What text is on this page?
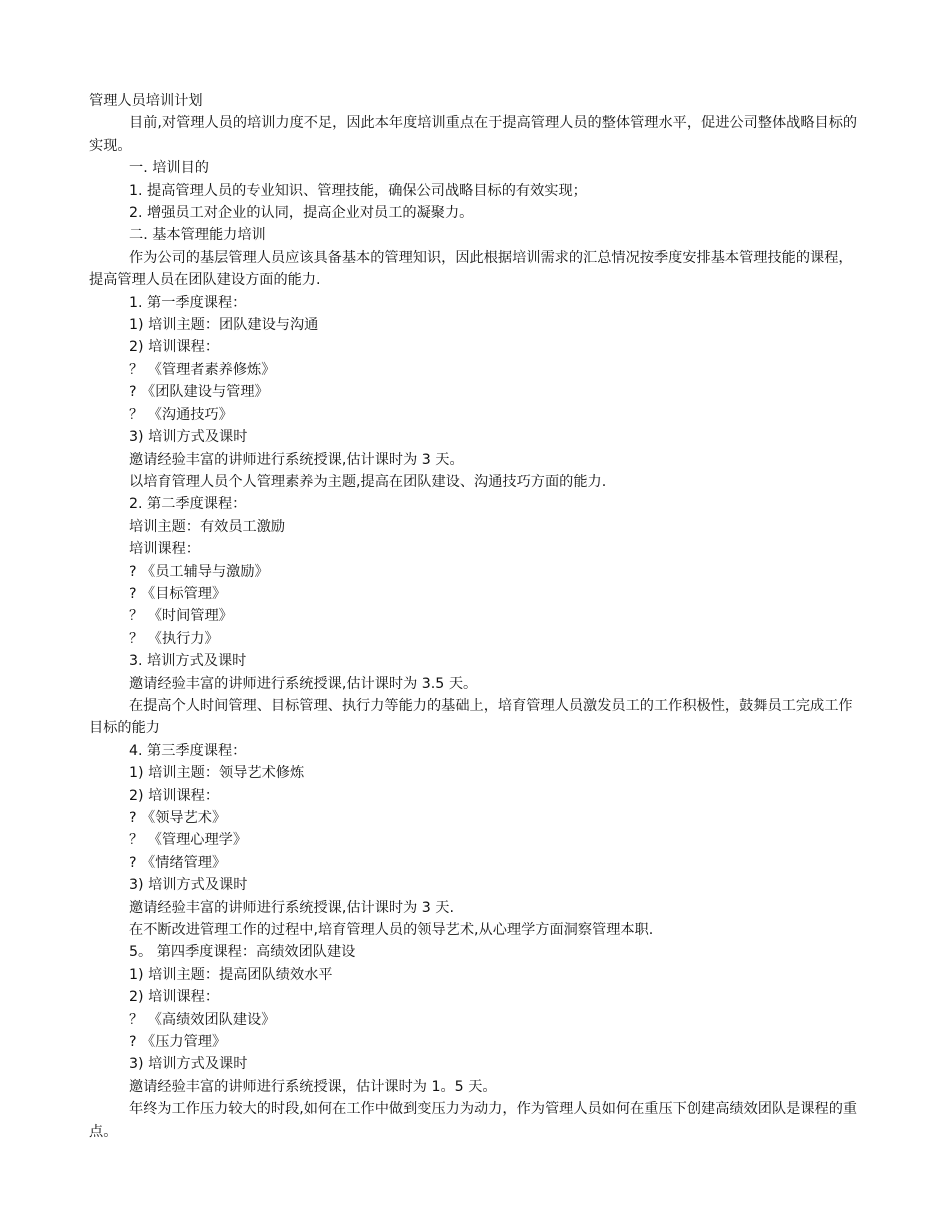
管理人员培训计划
目前,对管理人员的培训力度不足，因此本年度培训重点在于提高管理人员的整体管理水平，促进公司整体战略目标的实现。
一. 培训目的
1. 提高管理人员的专业知识、管理技能，确保公司战略目标的有效实现；
2. 增强员工对企业的认同，提高企业对员工的凝聚力。
二. 基本管理能力培训
作为公司的基层管理人员应该具备基本的管理知识，因此根据培训需求的汇总情况按季度安排基本管理技能的课程，提高管理人员在团队建设方面的能力.
1. 第一季度课程：
1) 培训主题：团队建设与沟通
2) 培训课程：
？ 《管理者素养修炼》
? 《团队建设与管理》
？ 《沟通技巧》
3) 培训方式及课时
邀请经验丰富的讲师进行系统授课,估计课时为 3 天。
以培育管理人员个人管理素养为主题,提高在团队建设、沟通技巧方面的能力.
2. 第二季度课程：
培训主题：有效员工激励
培训课程：
? 《员工辅导与激励》
? 《目标管理》
？ 《时间管理》
？ 《执行力》
3. 培训方式及课时
邀请经验丰富的讲师进行系统授课,估计课时为 3.5 天。
在提高个人时间管理、目标管理、执行力等能力的基础上，培育管理人员激发员工的工作积极性，鼓舞员工完成工作目标的能力
4. 第三季度课程：
1) 培训主题：领导艺术修炼
2) 培训课程：
? 《领导艺术》
？ 《管理心理学》
? 《情绪管理》
3) 培训方式及课时
邀请经验丰富的讲师进行系统授课,估计课时为 3 天.
在不断改进管理工作的过程中,培育管理人员的领导艺术,从心理学方面洞察管理本职.
5。 第四季度课程：高绩效团队建设
1) 培训主题：提高团队绩效水平
2) 培训课程：
？ 《高绩效团队建设》
? 《压力管理》
3) 培训方式及课时
邀请经验丰富的讲师进行系统授课，估计课时为 1。5 天。
年终为工作压力较大的时段,如何在工作中做到变压力为动力，作为管理人员如何在重压下创建高绩效团队是课程的重点。
